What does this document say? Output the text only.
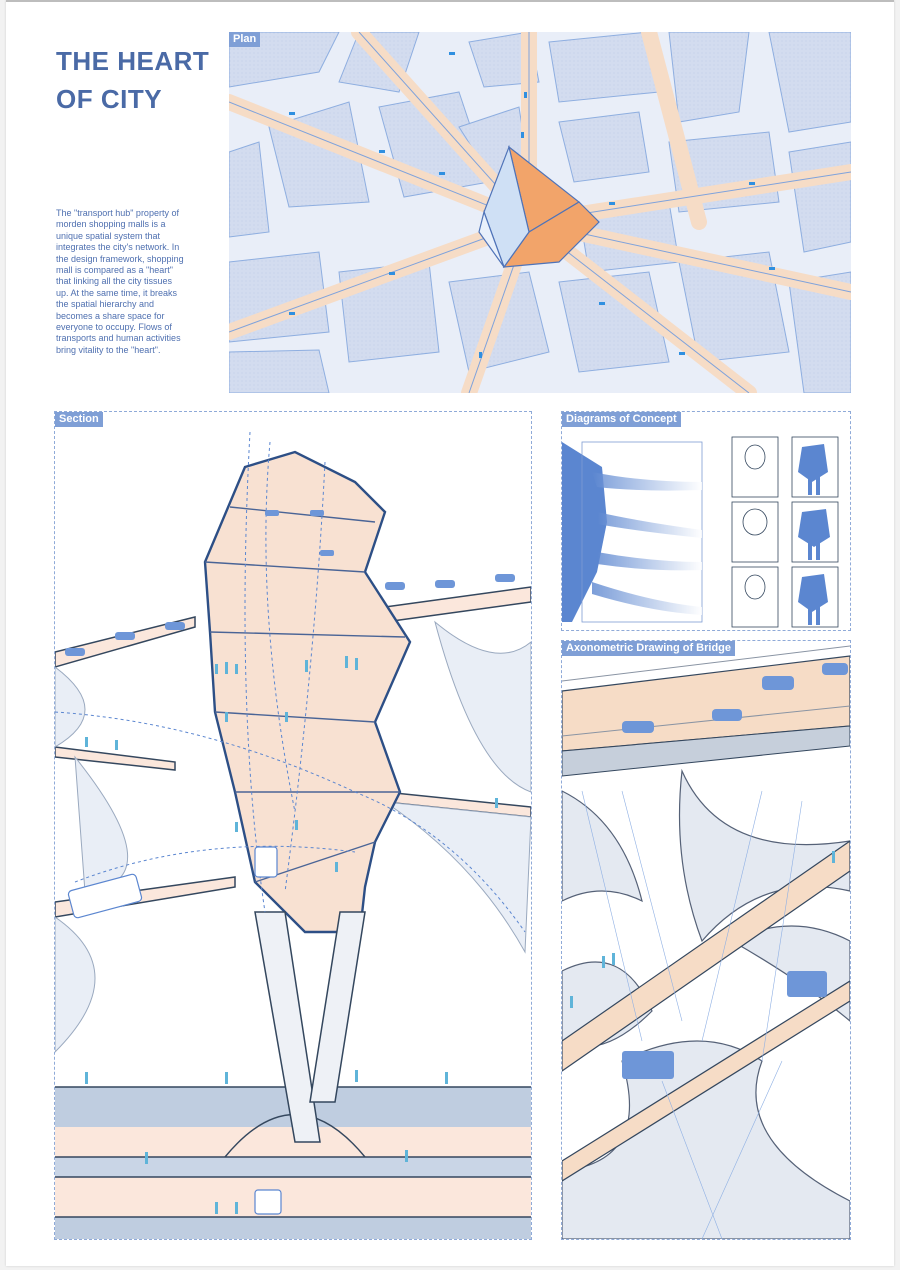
THE HEART
OF CITY
The "transport hub" property of morden shopping malls is a unique spatial system that integrates the city's network. In the design framework, shopping mall is compared as a "heart" that linking all the city tissues up. At the same time, it breaks the spatial hierarchy and becomes a share space for everyone to occupy. Flows of transports and human activities bring vitality to the "heart".
Plan
Section	Diagrams of Concept
Axonometric Drawing of Bridge
